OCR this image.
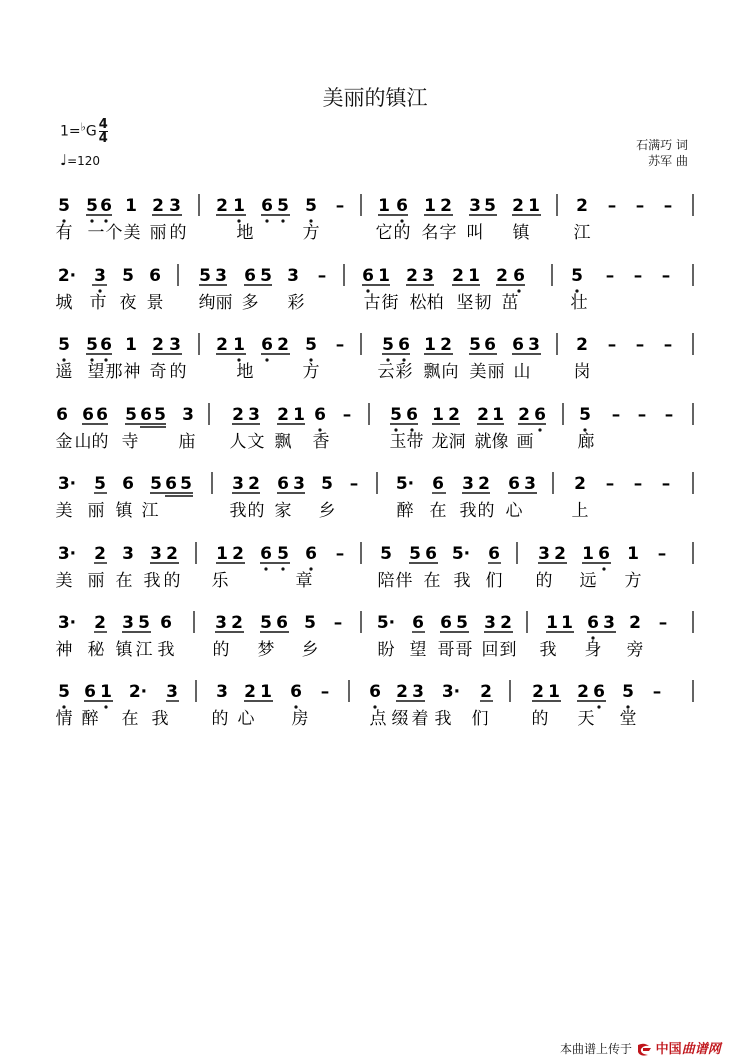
美丽的镇江
$1=^♭G \frac{4}{4}$
♩=120
石满巧 词
苏军 曲
5 5 6 1 2 3 2 1 6 5 5 – 1 6 1 2 3 5 2 1 2 – – –
有 一 个 美 丽 的	地	方	它 的 名 字 叫 镇	江
2· 3 5 6 5 3 6 5 3 – 6 1 2 3 2 1 2 6	5 – – –
城 市 夜 景 绚 丽 多 彩	古 街 松 柏 坚 韧 茁	壮
5 5 6 1 2 3 2 1 6 2 5 – 5 6 1 2 5 6 6 3 2 – – –
遥 望 那 神 奇 的	地	方	云 彩 飘 向 美 丽 山	岗
6 6 6 5 6 5 3 2 3 2 1 6 – 5 6 1 2 2 1 2 6 5 – – –
金 山 的 寺 庙 人 文 飘 香	玉 带 龙 洞 就 像 画	廊
3· 5 6 5 6 5 3 2 6 3 5 – 5· 6 3 2 6 3 2 – – –
美 丽 镇 江	我 的 家 乡	醉 在 我 的 心	上
3· 2 3 3 2 1 2 6 5 6 – 5 5 6 5· 6 3 2 1 6 1 –
美 丽 在 我 的 乐	章	陪 伴 在 我 们 的 远 方
3· 2 3 5 6	3 2 5 6 5 – 5· 6 6 5 3 2 1 1 6 3 2 –
神 秘 镇 江 我 的 梦 乡	盼 望 哥 哥 回 到 我 身 旁
5 6 1 2· 3 3 2 1 6 – 6 2 3 3· 2 2 1 2 6 5 –
情 醉 在 我	的 心 房	点 缀 着 我 们	的 天 堂
本曲谱上传于 中国曲谱网
